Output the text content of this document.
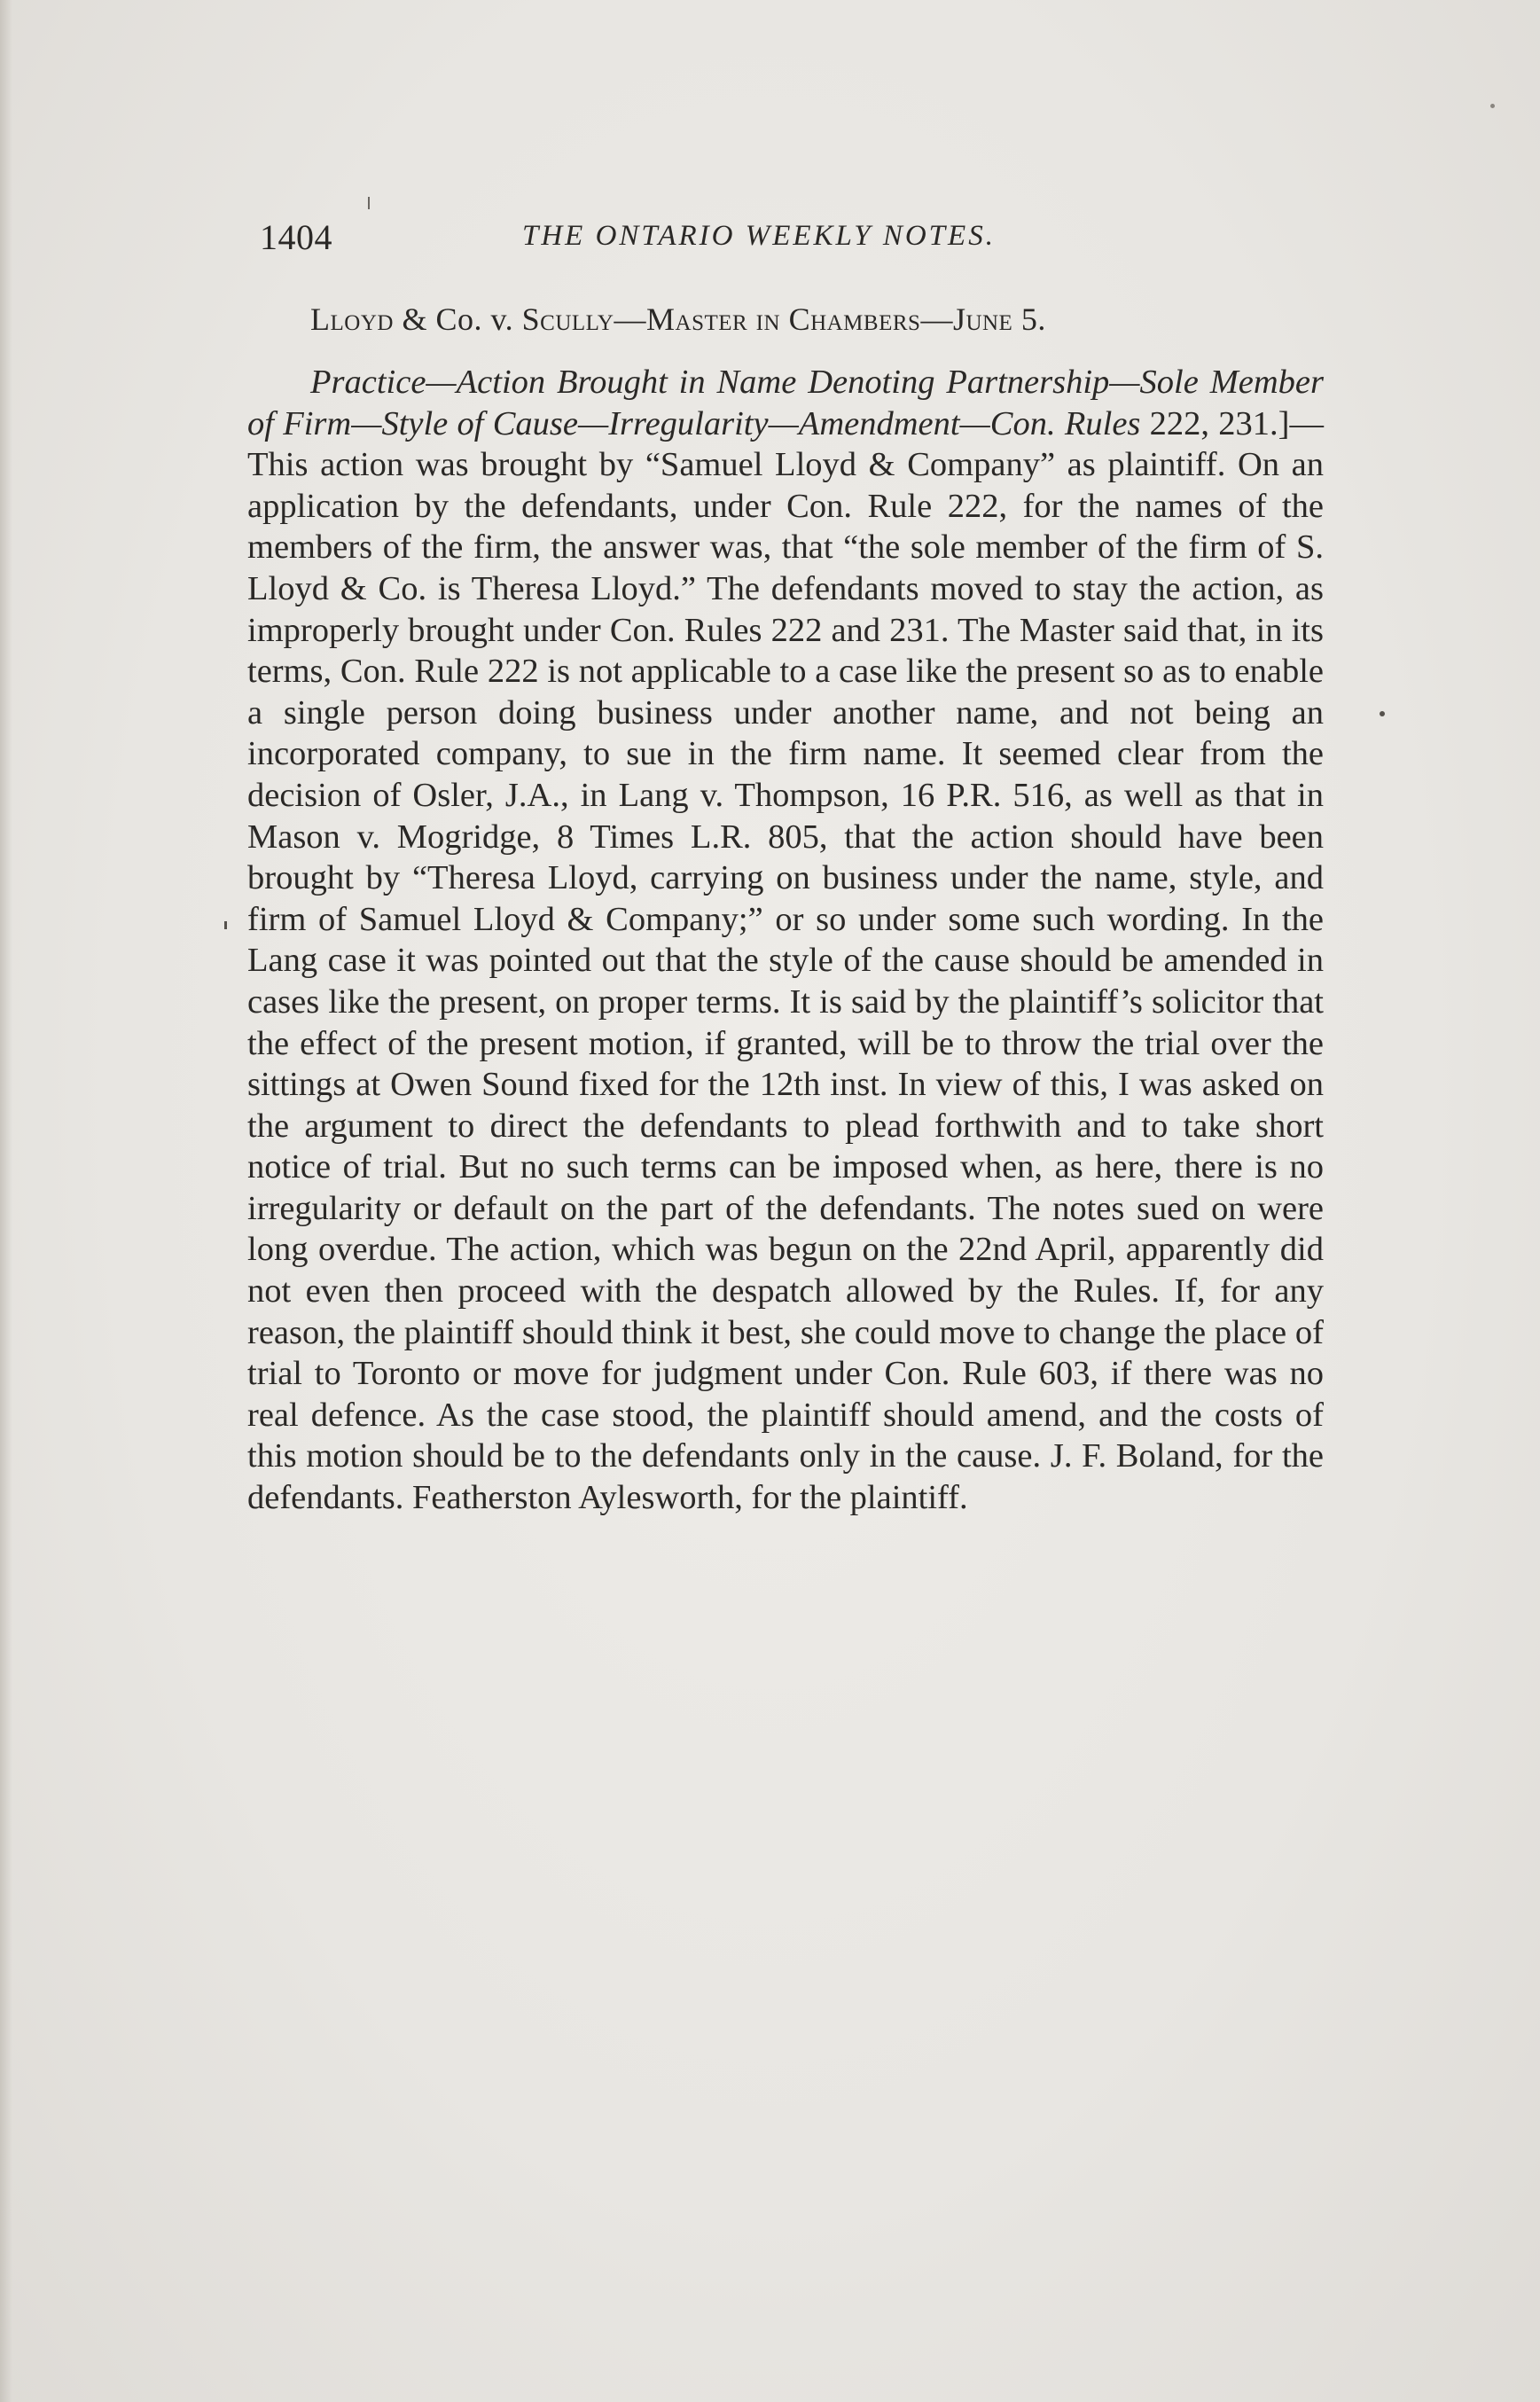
1404	THE ONTARIO WEEKLY NOTES.
Lloyd & Co. v. Scully—Master in Chambers—June 5.

Practice—Action Brought in Name Denoting Partnership—Sole Member of Firm—Style of Cause—Irregularity—Amendment—Con. Rules 222, 231.]—This action was brought by “Samuel Lloyd & Company” as plaintiff. On an application by the defendants, under Con. Rule 222, for the names of the members of the firm, the answer was, that “the sole member of the firm of S. Lloyd & Co. is Theresa Lloyd.” The defendants moved to stay the action, as improperly brought under Con. Rules 222 and 231. The Master said that, in its terms, Con. Rule 222 is not applicable to a case like the present so as to enable a single person doing business under another name, and not being an incorporated company, to sue in the firm name. It seemed clear from the decision of Osler, J.A., in Lang v. Thompson, 16 P.R. 516, as well as that in Mason v. Mogridge, 8 Times L.R. 805, that the action should have been brought by “Theresa Lloyd, carrying on business under the name, style, and firm of Samuel Lloyd & Company;” or so under some such wording. In the Lang case it was pointed out that the style of the cause should be amended in cases like the present, on proper terms. It is said by the plaintiff’s solicitor that the effect of the present motion, if granted, will be to throw the trial over the sittings at Owen Sound fixed for the 12th inst. In view of this, I was asked on the argument to direct the defendants to plead forthwith and to take short notice of trial. But no such terms can be imposed when, as here, there is no irregularity or default on the part of the defendants. The notes sued on were long overdue. The action, which was begun on the 22nd April, apparently did not even then proceed with the despatch allowed by the Rules. If, for any reason, the plaintiff should think it best, she could move to change the place of trial to Toronto or move for judgment under Con. Rule 603, if there was no real defence. As the case stood, the plaintiff should amend, and the costs of this motion should be to the defendants only in the cause. J. F. Boland, for the defendants. Featherston Aylesworth, for the plaintiff.
